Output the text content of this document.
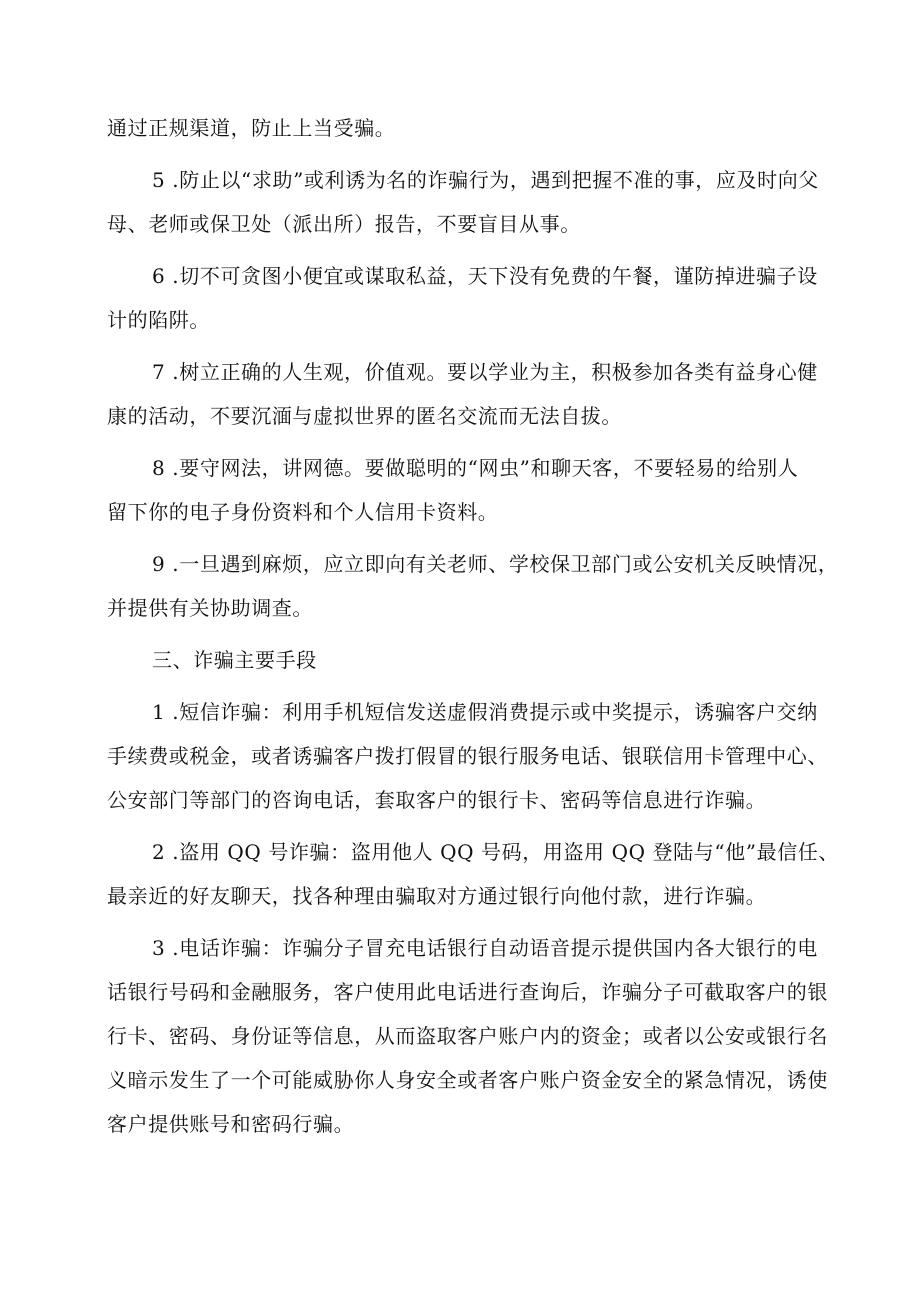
通过正规渠道，防止上当受骗。
5 .防止以“求助”或利诱为名的诈骗行为，遇到把握不准的事，应及时向父
母、老师或保卫处（派出所）报告，不要盲目从事。
6 .切不可贪图小便宜或谋取私益，天下没有免费的午餐，谨防掉进骗子设
计的陷阱。
7 .树立正确的人生观，价值观。要以学业为主，积极参加各类有益身心健
康的活动，不要沉湎与虚拟世界的匿名交流而无法自拔。
8 .要守网法，讲网德。要做聪明的“网虫”和聊天客，不要轻易的给别人
留下你的电子身份资料和个人信用卡资料。
9 .一旦遇到麻烦，应立即向有关老师、学校保卫部门或公安机关反映情况，
并提供有关协助调查。
三、诈骗主要手段
1 .短信诈骗：利用手机短信发送虚假消费提示或中奖提示，诱骗客户交纳
手续费或税金，或者诱骗客户拨打假冒的银行服务电话、银联信用卡管理中心、
公安部门等部门的咨询电话，套取客户的银行卡、密码等信息进行诈骗。
2 .盗用 QQ 号诈骗：盗用他人 QQ 号码，用盗用 QQ 登陆与“他”最信任、
最亲近的好友聊天，找各种理由骗取对方通过银行向他付款，进行诈骗。
3 .电话诈骗：诈骗分子冒充电话银行自动语音提示提供国内各大银行的电
话银行号码和金融服务，客户使用此电话进行查询后，诈骗分子可截取客户的银
行卡、密码、身份证等信息，从而盗取客户账户内的资金；或者以公安或银行名
义暗示发生了一个可能威胁你人身安全或者客户账户资金安全的紧急情况，诱使
客户提供账号和密码行骗。
